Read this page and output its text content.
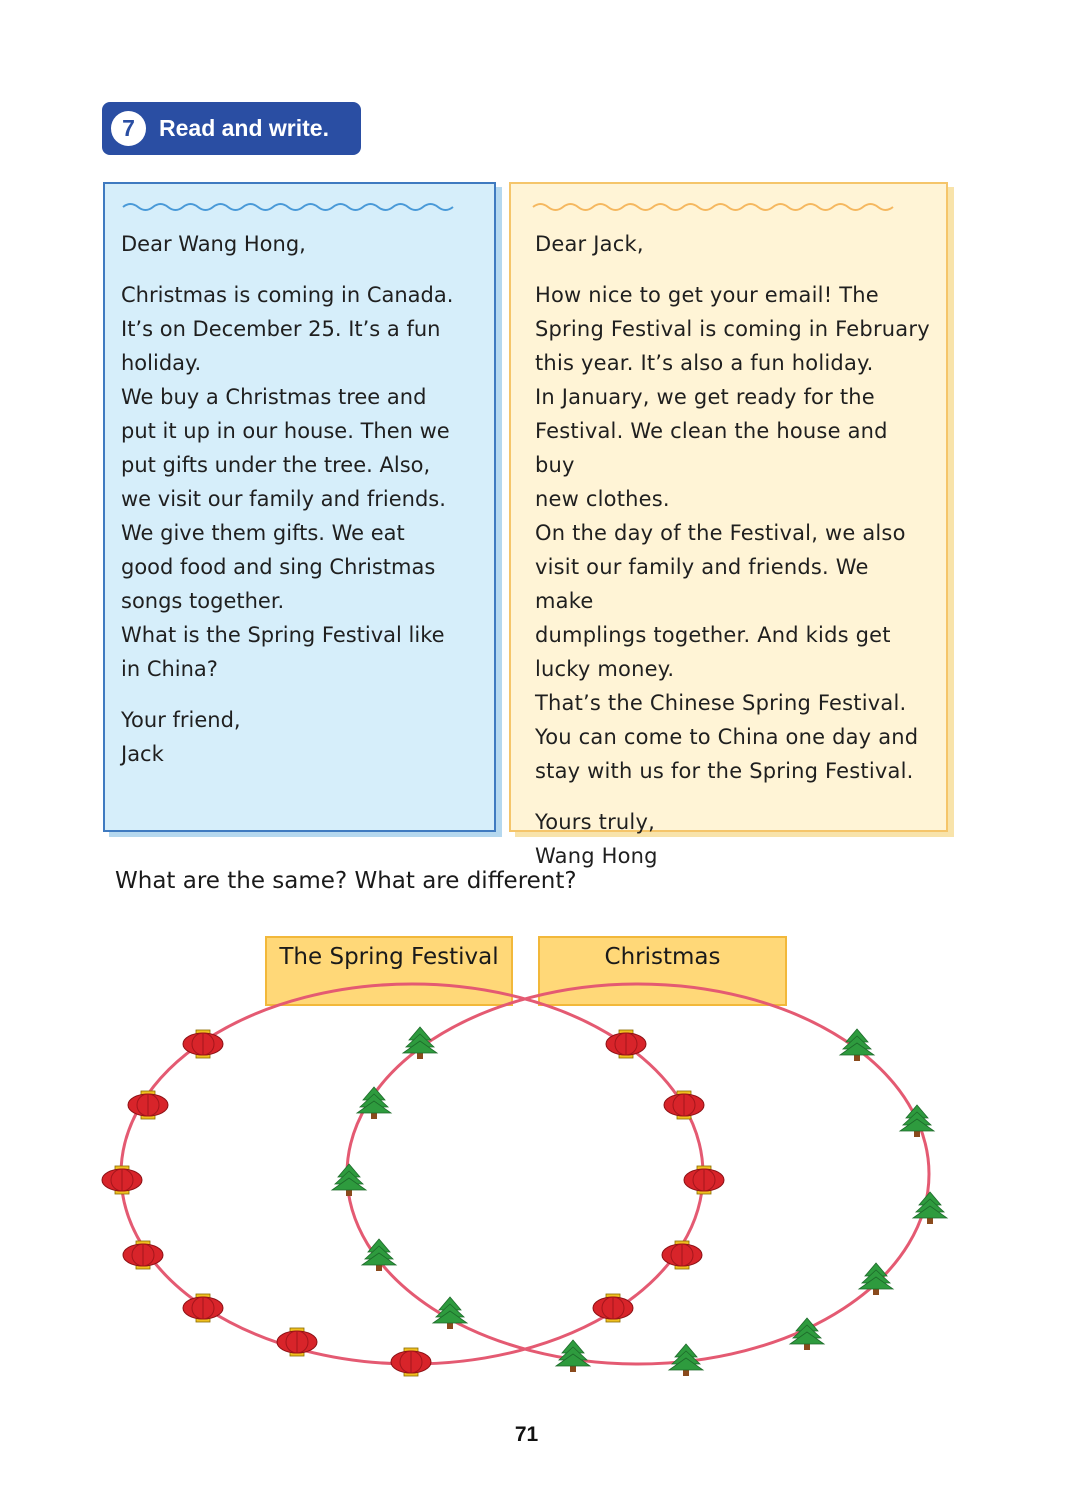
7	Read and write.

Dear Wang Hong,

Christmas is coming in Canada.
It’s on December 25. It’s a fun
holiday.
We buy a Christmas tree and
put it up in our house. Then we
put gifts under the tree. Also,
we visit our family and friends.
We give them gifts. We eat
good food and sing Christmas
songs together.
What is the Spring Festival like
in China?

Your friend,
Jack

Dear Jack,

How nice to get your email! The
Spring Festival is coming in February
this year. It’s also a fun holiday.
In January, we get ready for the
Festival. We clean the house and buy
new clothes.
On the day of the Festival, we also
visit our family and friends. We make
dumplings together. And kids get
lucky money.
That’s the Chinese Spring Festival.
You can come to China one day and
stay with us for the Spring Festival.

Yours truly,
Wang Hong

What are the same? What are different?
The Spring Festival	Christmas
71
